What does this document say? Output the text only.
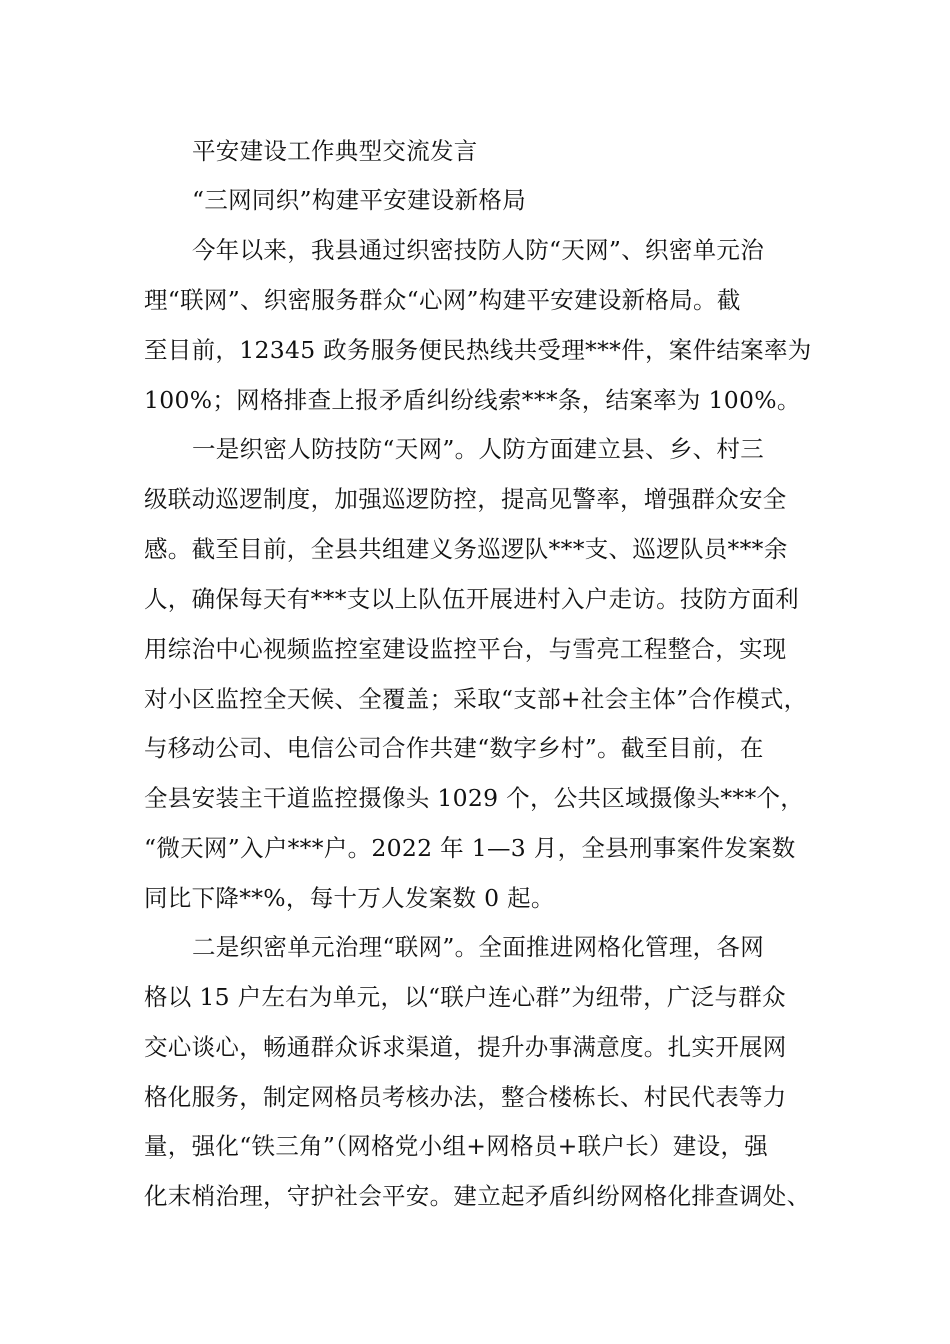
平安建设工作典型交流发言
“三网同织”构建平安建设新格局
今年以来，我县通过织密技防人防“天网”、织密单元治
理“联网”、织密服务群众“心网”构建平安建设新格局。截
至目前，12345 政务服务便民热线共受理***件，案件结案率为
100%；网格排查上报矛盾纠纷线索***条，结案率为 100%。
一是织密人防技防“天网”。人防方面建立县、乡、村三
级联动巡逻制度，加强巡逻防控，提高见警率，增强群众安全
感。截至目前，全县共组建义务巡逻队***支、巡逻队员***余
人，确保每天有***支以上队伍开展进村入户走访。技防方面利
用综治中心视频监控室建设监控平台，与雪亮工程整合，实现
对小区监控全天候、全覆盖；采取“支部+社会主体”合作模式，
与移动公司、电信公司合作共建“数字乡村”。截至目前，在
全县安装主干道监控摄像头 1029 个，公共区域摄像头***个，
“微天网”入户***户。2022 年 1—3 月，全县刑事案件发案数
同比下降**%，每十万人发案数 0 起。
二是织密单元治理“联网”。全面推进网格化管理，各网
格以 15 户左右为单元，以“联户连心群”为纽带，广泛与群众
交心谈心，畅通群众诉求渠道，提升办事满意度。扎实开展网
格化服务，制定网格员考核办法，整合楼栋长、村民代表等力
量，强化“铁三角”（网格党小组+网格员+联户长）建设，强
化末梢治理，守护社会平安。建立起矛盾纠纷网格化排查调处、
